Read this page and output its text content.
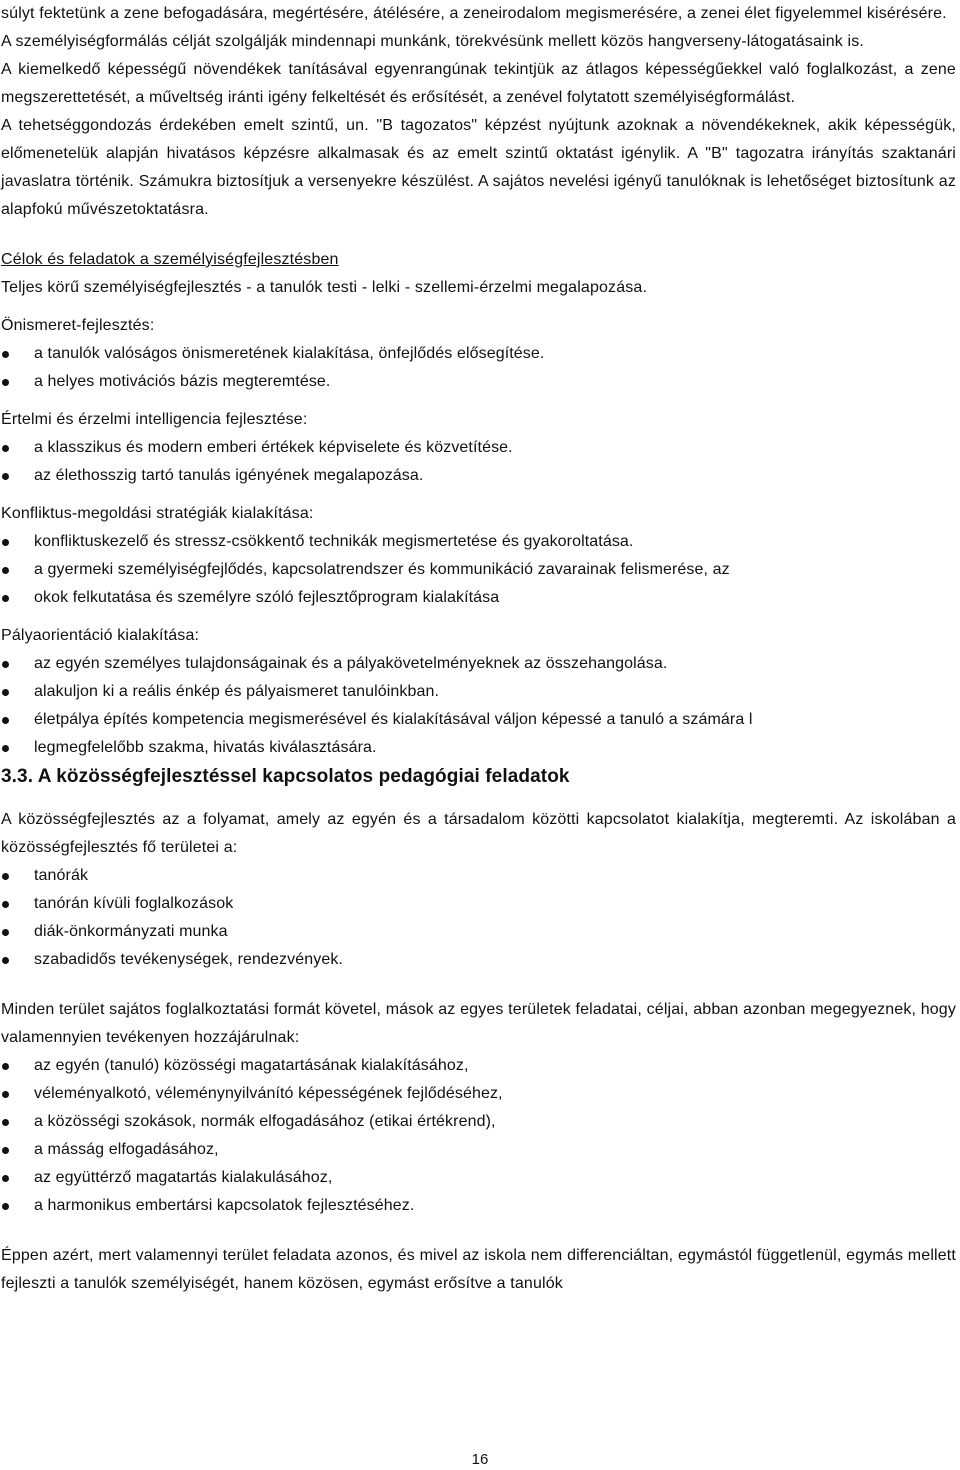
súlyt fektetünk a zene befogadására, megértésére, átélésére, a zeneirodalom megismerésére, a zenei élet figyelemmel kisérésére.

A személyiségformálás célját szolgálják mindennapi munkánk, törekvésünk mellett közös hangverseny-látogatásaink is.

A kiemelkedő képességű növendékek tanításával egyenrangúnak tekintjük az átlagos képességűekkel való foglalkozást, a zene megszerettetését, a műveltség iránti igény felkeltését és erősítését, a zenével folytatott személyiségformálást.

A tehetséggondozás érdekében emelt szintű, un. "B tagozatos" képzést nyújtunk azoknak a növendékeknek, akik képességük, előmenetelük alapján hivatásos képzésre alkalmasak és az emelt szintű oktatást igénylik. A "B" tagozatra irányítás szaktanári javaslatra történik. Számukra biztosítjuk a versenyekre készülést. A sajátos nevelési igényű tanulóknak is lehetőséget biztosítunk az alapfokú művészetoktatásra.

Célok és feladatok a személyiségfejlesztésben

Teljes körű személyiségfejlesztés - a tanulók testi - lelki - szellemi-érzelmi megalapozása.

Önismeret-fejlesztés:

a tanulók valóságos önismeretének kialakítása, önfejlődés elősegítése.
a helyes motivációs bázis megteremtése.

Értelmi és érzelmi intelligencia fejlesztése:

a klasszikus és modern emberi értékek képviselete és közvetítése.
az élethosszig tartó tanulás igényének megalapozása.

Konfliktus-megoldási stratégiák kialakítása:

konfliktuskezelő és stressz-csökkentő technikák megismertetése és gyakoroltatása.
a gyermeki személyiségfejlődés, kapcsolatrendszer és kommunikáció zavarainak felismerése, az
okok felkutatása és személyre szóló fejlesztőprogram kialakítása

Pályaorientáció kialakítása:

az egyén személyes tulajdonságainak és a pályakövetelményeknek az összehangolása.
alakuljon ki a reális énkép és pályaismeret tanulóinkban.
életpálya építés kompetencia megismerésével és kialakításával váljon képessé a tanuló a számára l
legmegfelelőbb szakma, hivatás kiválasztására.
3.3. A közösségfejlesztéssel kapcsolatos pedagógiai feladatok

A közösségfejlesztés az a folyamat, amely az egyén és a társadalom közötti kapcsolatot kialakítja, megteremti. Az iskolában a közösségfejlesztés fő területei a:

tanórák
tanórán kívüli foglalkozások
diák-önkormányzati munka
szabadidős tevékenységek, rendezvények.

Minden terület sajátos foglalkoztatási formát követel, mások az egyes területek feladatai, céljai, abban azonban megegyeznek, hogy valamennyien tevékenyen hozzájárulnak:

az egyén (tanuló) közösségi magatartásának kialakításához,
véleményalkotó, véleménynyilvánító képességének fejlődéséhez,
a közösségi szokások, normák elfogadásához (etikai értékrend),
a másság elfogadásához,
az együttérző magatartás kialakulásához,
a harmonikus embertársi kapcsolatok fejlesztéséhez.

Éppen azért, mert valamennyi terület feladata azonos, és mivel az iskola nem differenciáltan, egymástól függetlenül, egymás mellett fejleszti a tanulók személyiségét, hanem közösen, egymást erősítve a tanulók

16
